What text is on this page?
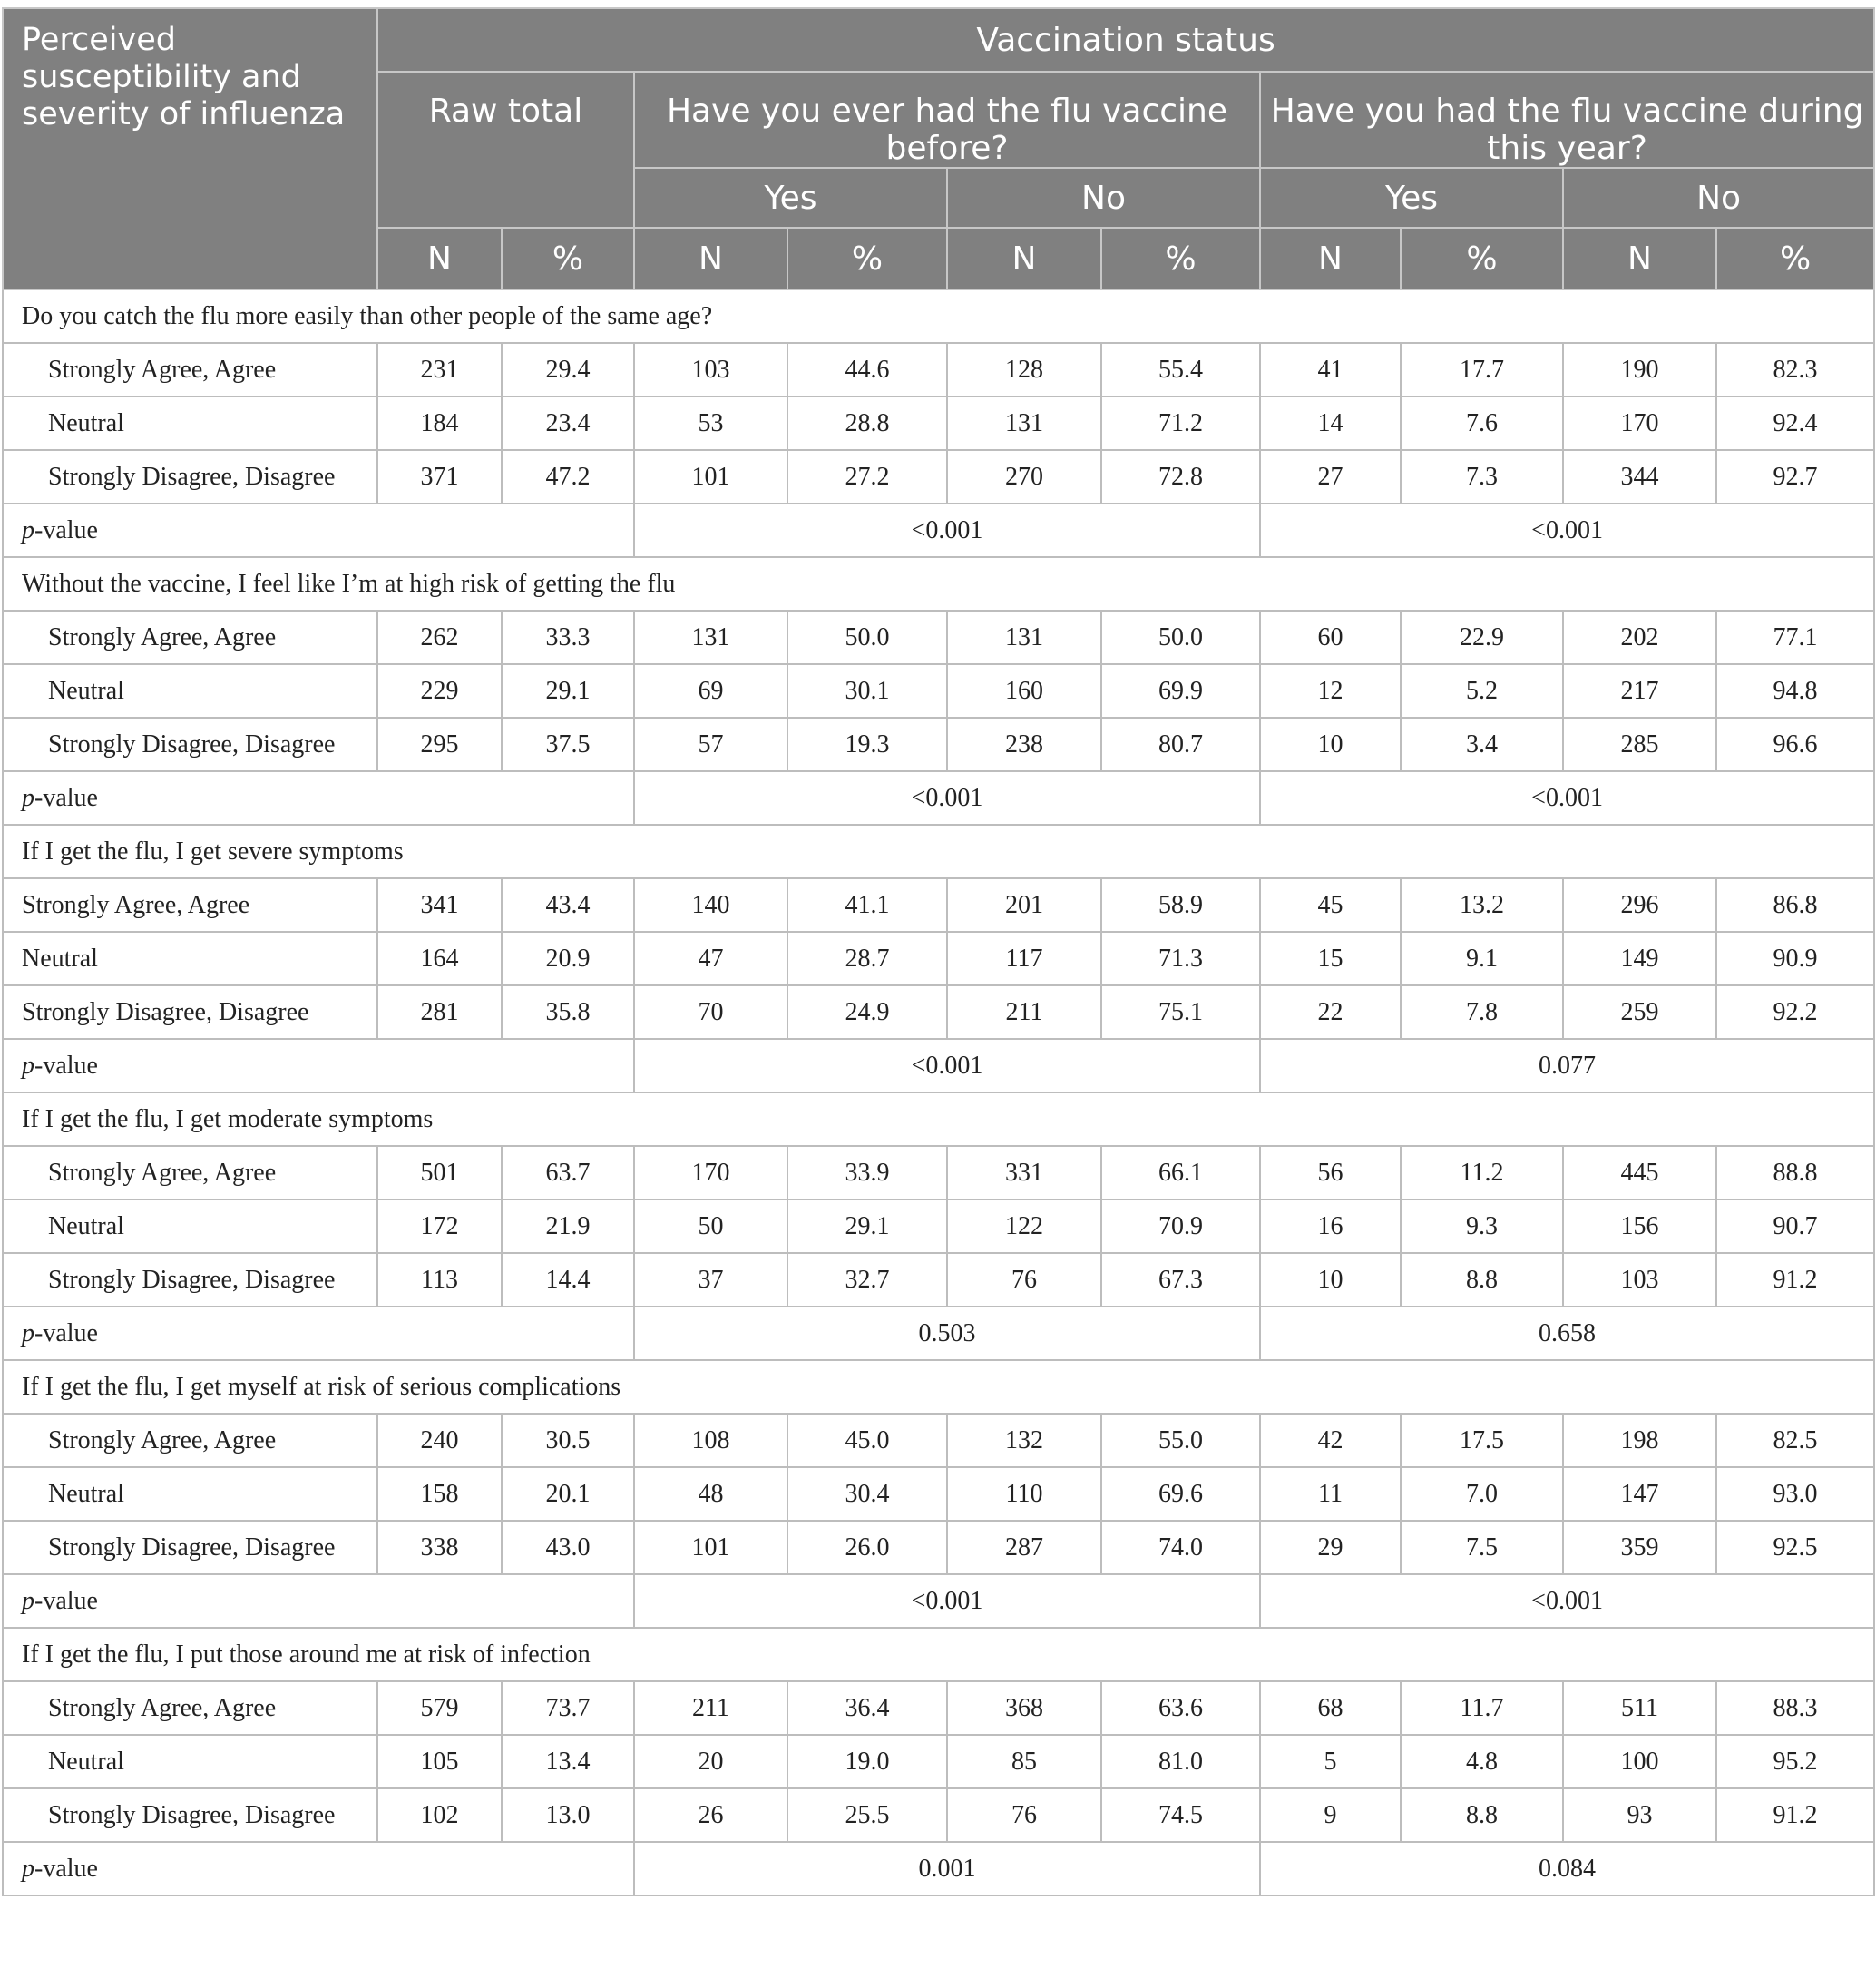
Perceived susceptibility and severity of influenza	Vaccination status									
	Raw total		Have you ever had the flu vaccine before?				Have you had the flu vaccine during this year?			
			Yes		No		Yes		No	
	N	%	N	%	N	%	N	%	N	%
Do you catch the flu more easily than other people of the same age?										
Strongly Agree, Agree	231	29.4	103	44.6	128	55.4	41	17.7	190	82.3
Neutral	184	23.4	53	28.8	131	71.2	14	7.6	170	92.4
Strongly Disagree, Disagree	371	47.2	101	27.2	270	72.8	27	7.3	344	92.7
p-value			<0.001				<0.001			
Without the vaccine, I feel like I’m at high risk of getting the flu										
Strongly Agree, Agree	262	33.3	131	50.0	131	50.0	60	22.9	202	77.1
Neutral	229	29.1	69	30.1	160	69.9	12	5.2	217	94.8
Strongly Disagree, Disagree	295	37.5	57	19.3	238	80.7	10	3.4	285	96.6
p-value			<0.001				<0.001			
If I get the flu, I get severe symptoms										
Strongly Agree, Agree	341	43.4	140	41.1	201	58.9	45	13.2	296	86.8
Neutral	164	20.9	47	28.7	117	71.3	15	9.1	149	90.9
Strongly Disagree, Disagree	281	35.8	70	24.9	211	75.1	22	7.8	259	92.2
p-value			<0.001				0.077			
If I get the flu, I get moderate symptoms										
Strongly Agree, Agree	501	63.7	170	33.9	331	66.1	56	11.2	445	88.8
Neutral	172	21.9	50	29.1	122	70.9	16	9.3	156	90.7
Strongly Disagree, Disagree	113	14.4	37	32.7	76	67.3	10	8.8	103	91.2
p-value			0.503				0.658			
If I get the flu, I get myself at risk of serious complications										
Strongly Agree, Agree	240	30.5	108	45.0	132	55.0	42	17.5	198	82.5
Neutral	158	20.1	48	30.4	110	69.6	11	7.0	147	93.0
Strongly Disagree, Disagree	338	43.0	101	26.0	287	74.0	29	7.5	359	92.5
p-value			<0.001				<0.001			
If I get the flu, I put those around me at risk of infection										
Strongly Agree, Agree	579	73.7	211	36.4	368	63.6	68	11.7	511	88.3
Neutral	105	13.4	20	19.0	85	81.0	5	4.8	100	95.2
Strongly Disagree, Disagree	102	13.0	26	25.5	76	74.5	9	8.8	93	91.2
p-value			0.001				0.084			
